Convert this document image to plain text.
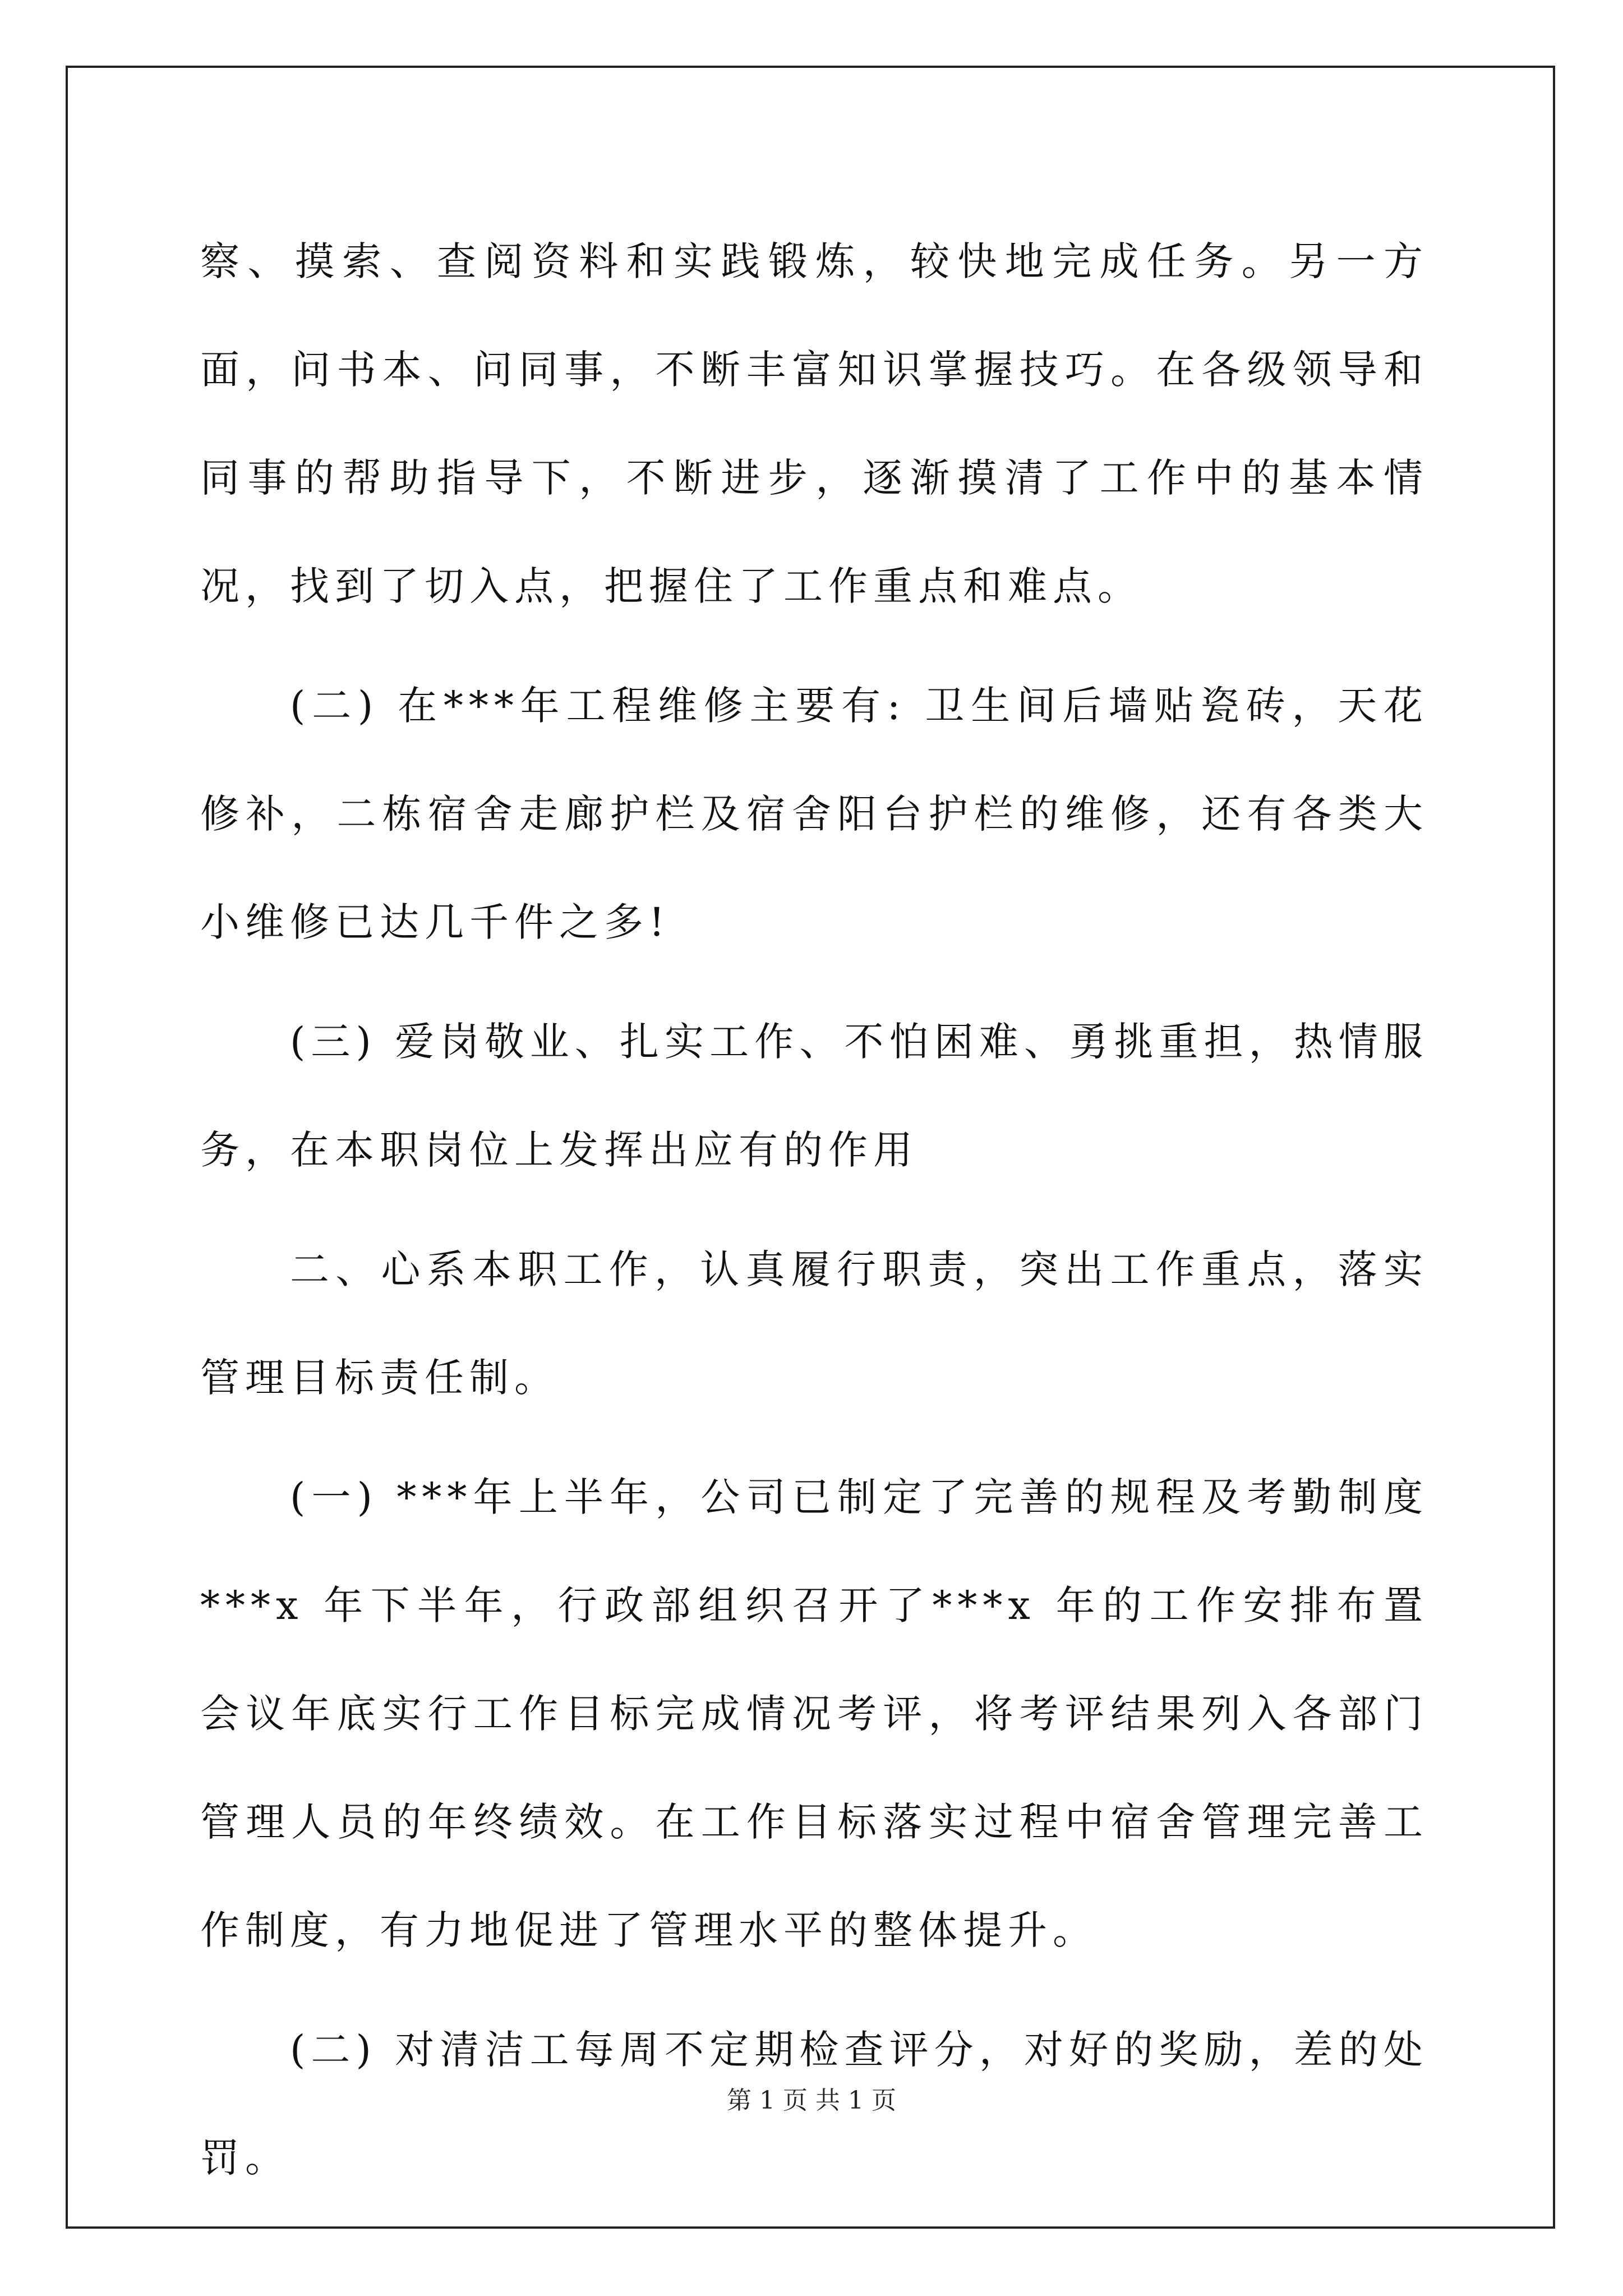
察、摸索、查阅资料和实践锻炼，较快地完成任务。另一方面，问书本、问同事，不断丰富知识掌握技巧。在各级领导和同事的帮助指导下，不断进步，逐渐摸清了工作中的基本情况，找到了切入点，把握住了工作重点和难点。

(二) 在***年工程维修主要有: 卫生间后墙贴瓷砖，天花修补，二栋宿舍走廊护栏及宿舍阳台护栏的维修，还有各类大小维修已达几千件之多!

(三) 爱岗敬业、扎实工作、不怕困难、勇挑重担，热情服务，在本职岗位上发挥出应有的作用

二、心系本职工作，认真履行职责，突出工作重点，落实管理目标责任制。

(一) ***年上半年，公司已制定了完善的规程及考勤制度***x 年下半年，行政部组织召开了***x 年的工作安排布置会议年底实行工作目标完成情况考评，将考评结果列入各部门管理人员的年终绩效。在工作目标落实过程中宿舍管理完善工作制度，有力地促进了管理水平的整体提升。

(二) 对清洁工每周不定期检查评分，对好的奖励，差的处罚。

第 1 页 共 1 页
